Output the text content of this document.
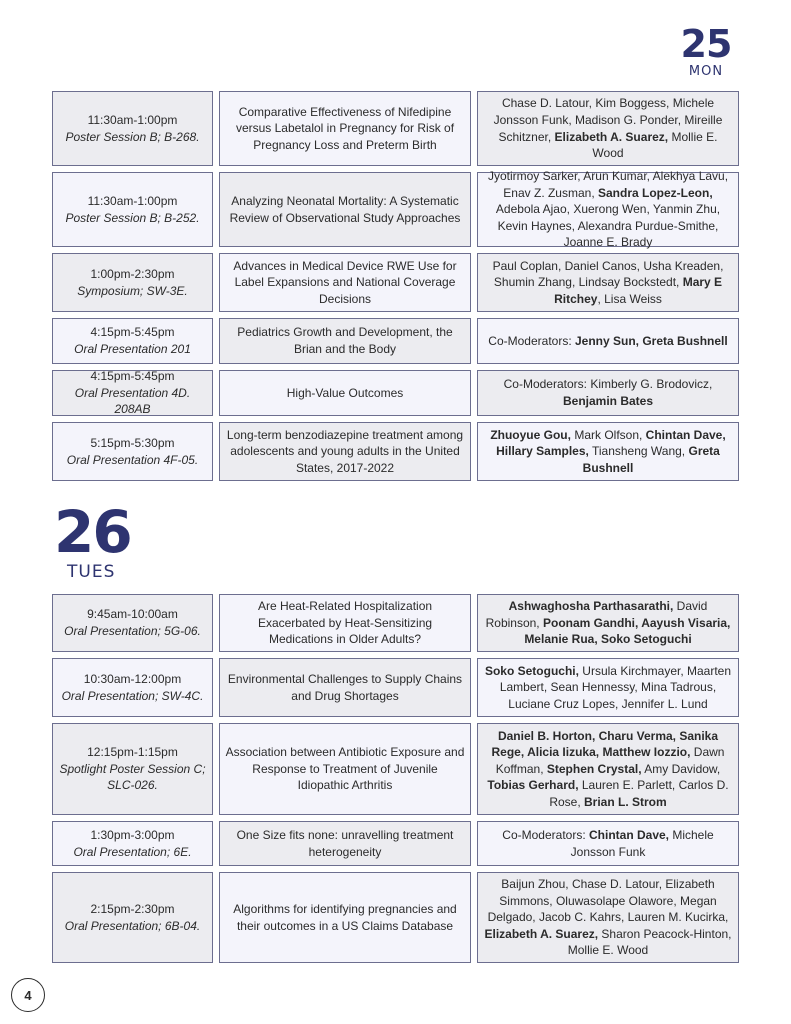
25
MON
11:30am-1:00pm
Poster Session B; B-268.
Comparative Effectiveness of Nifedipine versus Labetalol in Pregnancy for Risk of Pregnancy Loss and Preterm Birth
Chase D. Latour, Kim Boggess, Michele Jonsson Funk, Madison G. Ponder, Mireille Schitzner, Elizabeth A. Suarez, Mollie E. Wood
11:30am-1:00pm
Poster Session B; B-252.
Analyzing Neonatal Mortality: A Systematic Review of Observational Study Approaches
Jyotirmoy Sarker, Arun Kumar, Alekhya Lavu, Enav Z. Zusman, Sandra Lopez-Leon, Adebola Ajao, Xuerong Wen, Yanmin Zhu, Kevin Haynes, Alexandra Purdue-Smithe, Joanne E. Brady
1:00pm-2:30pm
Symposium; SW-3E.
Advances in Medical Device RWE Use for Label Expansions and National Coverage Decisions
Paul Coplan, Daniel Canos, Usha Kreaden, Shumin Zhang, Lindsay Bockstedt, Mary E Ritchey, Lisa Weiss
4:15pm-5:45pm
Oral Presentation 201
Pediatrics Growth and Development, the Brian and the Body
Co-Moderators: Jenny Sun, Greta Bushnell
4:15pm-5:45pm
Oral Presentation 4D. 208AB
High-Value Outcomes
Co-Moderators: Kimberly G. Brodovicz, Benjamin Bates
5:15pm-5:30pm
Oral Presentation 4F-05.
Long-term benzodiazepine treatment among adolescents and young adults in the United States, 2017-2022
Zhuoyue Gou, Mark Olfson, Chintan Dave, Hillary Samples, Tiansheng Wang, Greta Bushnell
26
TUES
9:45am-10:00am
Oral Presentation; 5G-06.
Are Heat-Related Hospitalization Exacerbated by Heat-Sensitizing Medications in Older Adults?
Ashwaghosha Parthasarathi, David Robinson, Poonam Gandhi, Aayush Visaria, Melanie Rua, Soko Setoguchi
10:30am-12:00pm
Oral Presentation; SW-4C.
Environmental Challenges to Supply Chains and Drug Shortages
Soko Setoguchi, Ursula Kirchmayer, Maarten Lambert, Sean Hennessy, Mina Tadrous, Luciane Cruz Lopes, Jennifer L. Lund
12:15pm-1:15pm
Spotlight Poster Session C; SLC-026.
Association between Antibiotic Exposure and Response to Treatment of Juvenile Idiopathic Arthritis
Daniel B. Horton, Charu Verma, Sanika Rege, Alicia Iizuka, Matthew Iozzio, Dawn Koffman, Stephen Crystal, Amy Davidow, Tobias Gerhard, Lauren E. Parlett, Carlos D. Rose, Brian L. Strom
1:30pm-3:00pm
Oral Presentation; 6E.
One Size fits none: unravelling treatment heterogeneity
Co-Moderators: Chintan Dave, Michele Jonsson Funk
2:15pm-2:30pm
Oral Presentation; 6B-04.
Algorithms for identifying pregnancies and their outcomes in a US Claims Database
Baijun Zhou, Chase D. Latour, Elizabeth Simmons, Oluwasolape Olawore, Megan Delgado, Jacob C. Kahrs, Lauren M. Kucirka, Elizabeth A. Suarez, Sharon Peacock-Hinton, Mollie E. Wood
4
